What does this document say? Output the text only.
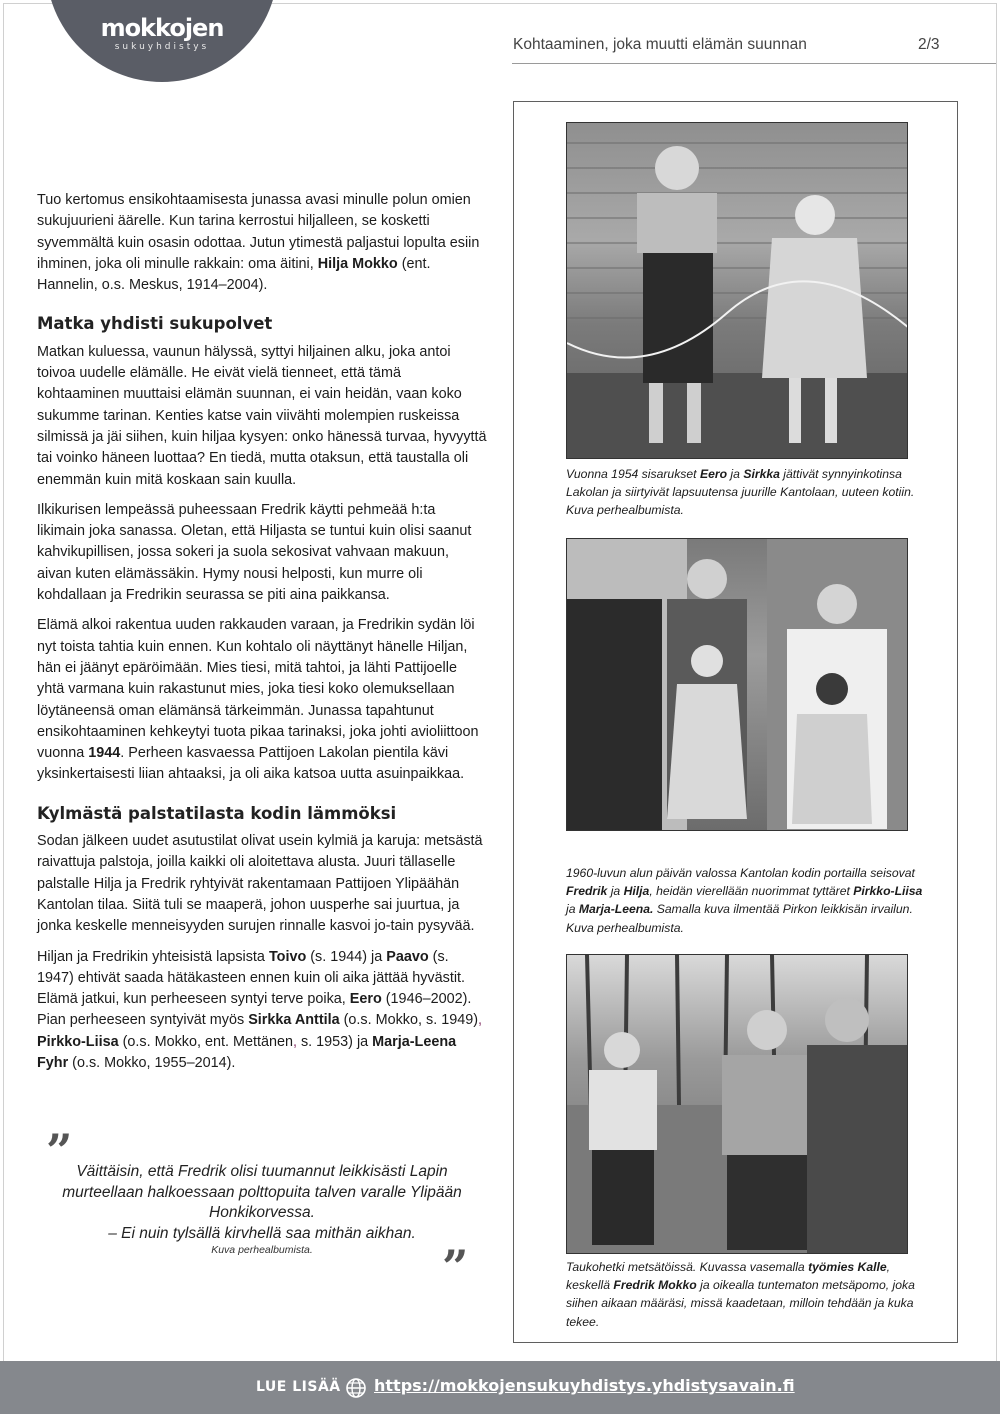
mokkojen
sukuyhdistys	Kohtaaminen, joka muutti elämän suunnan	2/3

Tuo kertomus ensikohtaamisesta junassa avasi minulle polun omien sukujuurieni äärelle. Kun tarina kerrostui hiljalleen, se kosketti syvemmältä kuin osasin odottaa. Jutun ytimestä paljastui lopulta esiin ihminen, joka oli minulle rakkain: oma äitini, Hilja Mokko (ent. Hannelin, o.s. Meskus, 1914–2004).

Matka yhdisti sukupolvet

Matkan kuluessa, vaunun hälyssä, syttyi hiljainen alku, joka antoi toivoa uudelle elämälle. He eivät vielä tienneet, että tämä kohtaaminen muuttaisi elämän suunnan, ei vain heidän, vaan koko sukumme tarinan. Kenties katse vain viivähti molempien ruskeissa silmissä ja jäi siihen, kuin hiljaa kysyen: onko hänessä turvaa, hyvyyttä tai voinko häneen luottaa? En tiedä, mutta otaksun, että taustalla oli enemmän kuin mitä koskaan sain kuulla.

Ilkikurisen lempeässä puheessaan Fredrik käytti pehmeää h:ta likimain joka sanassa. Oletan, että Hiljasta se tuntui kuin olisi saanut kahvikupillisen, jossa sokeri ja suola sekosivat vahvaan makuun, aivan kuten elämässäkin. Hymy nousi helposti, kun murre oli kohdallaan ja Fredrikin seurassa se piti aina paikkansa.

Elämä alkoi rakentua uuden rakkauden varaan, ja Fredrikin sydän löi nyt toista tahtia kuin ennen. Kun kohtalo oli näyttänyt hänelle Hiljan, hän ei jäänyt epäröimään. Mies tiesi, mitä tahtoi, ja lähti Pattijoelle yhtä varmana kuin rakastunut mies, joka tiesi koko olemuksellaan löytäneensä oman elämänsä tärkeimmän. Junassa tapahtunut ensikohtaaminen kehkeytyi tuota pikaa tarinaksi, joka johti avioliittoon vuonna 1944. Perheen kasvaessa Pattijoen Lakolan pientila kävi yksinkertaisesti liian ahtaaksi, ja oli aika katsoa uutta asuinpaikkaa.

Kylmästä palstatilasta kodin lämmöksi

Sodan jälkeen uudet asutustilat olivat usein kylmiä ja karuja: metsästä raivattuja palstoja, joilla kaikki oli aloitettava alusta. Juuri tällaselle palstalle Hilja ja Fredrik ryhtyivät rakentamaan Pattijoen Ylipäähän Kantolan tilaa. Siitä tuli se maaperä, johon uusperhe sai juurtua, ja jonka keskelle menneisyyden surujen rinnalle kasvoi jo-tain pysyvää.

Hiljan ja Fredrikin yhteisistä lapsista Toivo (s. 1944) ja Paavo (s. 1947) ehtivät saada hätäkasteen ennen kuin oli aika jättää hyvästit. Elämä jatkui, kun perheeseen syntyi terve poika, Eero (1946–2002). Pian perheeseen syntyivät myös Sirkka Anttila (o.s. Mokko, s. 1949), Pirkko-Liisa (o.s. Mokko, ent. Mettänen, s. 1953) ja Marja-Leena Fyhr (o.s. Mokko, 1955–2014).

” Väittäisin, että Fredrik olisi tuumannut leikkisästi Lapin murteellaan halkoessaan polttopuita talven varalle Ylipään Honkikorvessa.
– Ei nuin tylsällä kirvhellä saa mithän aikhan.
Kuva perhealbumista.	”
Vuonna 1954 sisarukset Eero ja Sirkka jättivät synnyinkotinsa Lakolan ja siirtyivät lapsuutensa juurille Kantolaan, uuteen kotiin. Kuva perhealbumista.
1960-luvun alun päivän valossa Kantolan kodin portailla seisovat Fredrik ja Hilja, heidän vierellään nuorimmat tyttäret Pirkko-Liisa ja Marja-Leena. Samalla kuva ilmentää Pirkon leikkisän irvailun. Kuva perhealbumista.
Taukohetki metsätöissä. Kuvassa vasemalla työmies Kalle, keskellä Fredrik Mokko ja oikealla tuntematon metsäpomo, joka siihen aikaan määräsi, missä kaadetaan, milloin tehdään ja kuka tekee.
LUE LISÄÄ https://mokkojensukuyhdistys.yhdistysavain.fi
